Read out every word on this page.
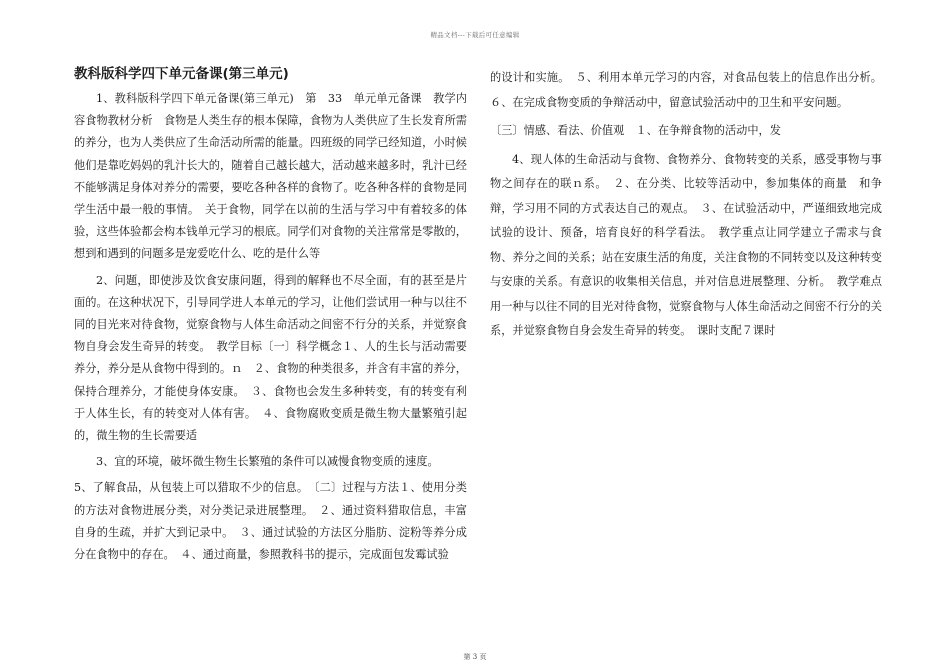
精品文档---下载后可任意编辑
教科版科学四下单元备课(第三单元)

1、教科版科学四下单元备课(第三单元)　第　33　单元单元备课　教学内容食物教材分析　食物是人类生存的根本保障，食物为人类供应了生长发育所需的养分，也为人类供应了生命活动所需的能量。四班级的同学已经知道，小时候他们是靠吃妈妈的乳汁长大的，随着自己越长越大，活动越来越多时，乳汁已经不能够满足身体对养分的需要，要吃各种各样的食物了。吃各种各样的食物是同学生活中最一般的事情。　关于食物，同学在以前的生活与学习中有着较多的体验，这些体验都会构本钱单元学习的根底。同学们对食物的关注常常是零散的，想到和遇到的问题多是宠爱吃什么、吃的是什么等

2、问题，即使涉及饮食安康问题，得到的解释也不尽全面，有的甚至是片面的。在这种状况下，引导同学进人本单元的学习，让他们尝试用一种与以往不同的目光来对待食物，觉察食物与人体生命活动之间密不行分的关系，并觉察食物自身会发生奇异的转变。　教学目标〔一〕科学概念１、人的生长与活动需要养分，养分是从食物中得到的。ｎ　２、食物的种类很多，并含有丰富的养分，保持合理养分，才能使身体安康。　３、食物也会发生多种转变，有的转变有利于人体生长，有的转变对人体有害。　４、食物腐败变质是微生物大量繁殖引起的，微生物的生长需要适

3、宜的环境，破坏微生物生长繁殖的条件可以减慢食物变质的速度。

5、了解食品，从包装上可以猎取不少的信息。　〔二〕过程与方法１、使用分类的方法对食物进展分类，对分类记录进展整理。　２、通过资料猎取信息，丰富自身的生疏，并扩大到记录中。　３、通过试验的方法区分脂肪、淀粉等养分成分在食物中的存在。　４、通过商量，参照教科书的提示，完成面包发霉试验

的设计和实施。　５、利用本单元学习的内容，对食品包装上的信息作出分析。６、在完成食物变质的争辩活动中，留意试验活动中的卫生和平安问题。

〔三〕情感、看法、价值观　１、在争辩食物的活动中，发

4、现人体的生命活动与食物、食物养分、食物转变的关系，感受事物与事物之间存在的联ｎ系。　２、在分类、比较等活动中，参加集体的商量　和争辩，学习用不同的方式表达自己的观点。　３、在试验活动中，严谨细致地完成试验的设计、预备，培育良好的科学看法。　教学重点让同学建立子需求与食物、养分之间的关系；站在安康生活的角度，关注食物的不同转变以及这种转变与安康的关系。有意识的收集相关信息，并对信息进展整理、分析。　教学难点用一种与以往不同的目光对待食物，觉察食物与人体生命活动之间密不行分的关系，并觉察食物自身会发生奇异的转变。　课时支配７课时

第 3 页
